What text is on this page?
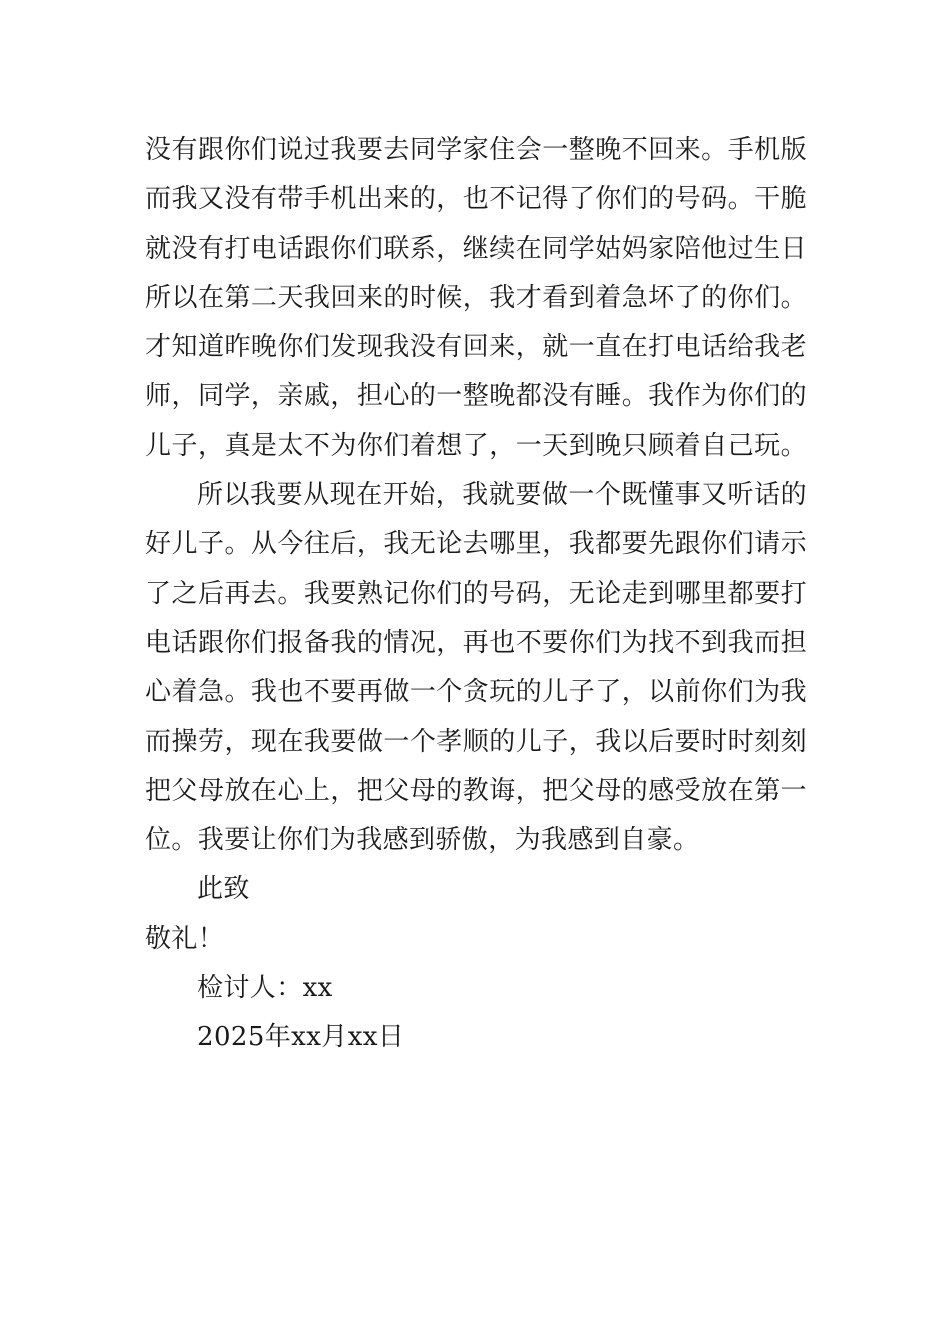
没有跟你们说过我要去同学家住会一整晚不回来。手机版
而我又没有带手机出来的，也不记得了你们的号码。干脆
就没有打电话跟你们联系，继续在同学姑妈家陪他过生日
所以在第二天我回来的时候，我才看到着急坏了的你们。
才知道昨晚你们发现我没有回来，就一直在打电话给我老
师，同学，亲戚，担心的一整晚都没有睡。我作为你们的
儿子，真是太不为你们着想了，一天到晚只顾着自己玩。
所以我要从现在开始，我就要做一个既懂事又听话的
好儿子。从今往后，我无论去哪里，我都要先跟你们请示
了之后再去。我要熟记你们的号码，无论走到哪里都要打
电话跟你们报备我的情况，再也不要你们为找不到我而担
心着急。我也不要再做一个贪玩的儿子了，以前你们为我
而操劳，现在我要做一个孝顺的儿子，我以后要时时刻刻
把父母放在心上，把父母的教诲，把父母的感受放在第一
位。我要让你们为我感到骄傲，为我感到自豪。
此致
敬礼！
检讨人：xx
2025年xx月xx日
